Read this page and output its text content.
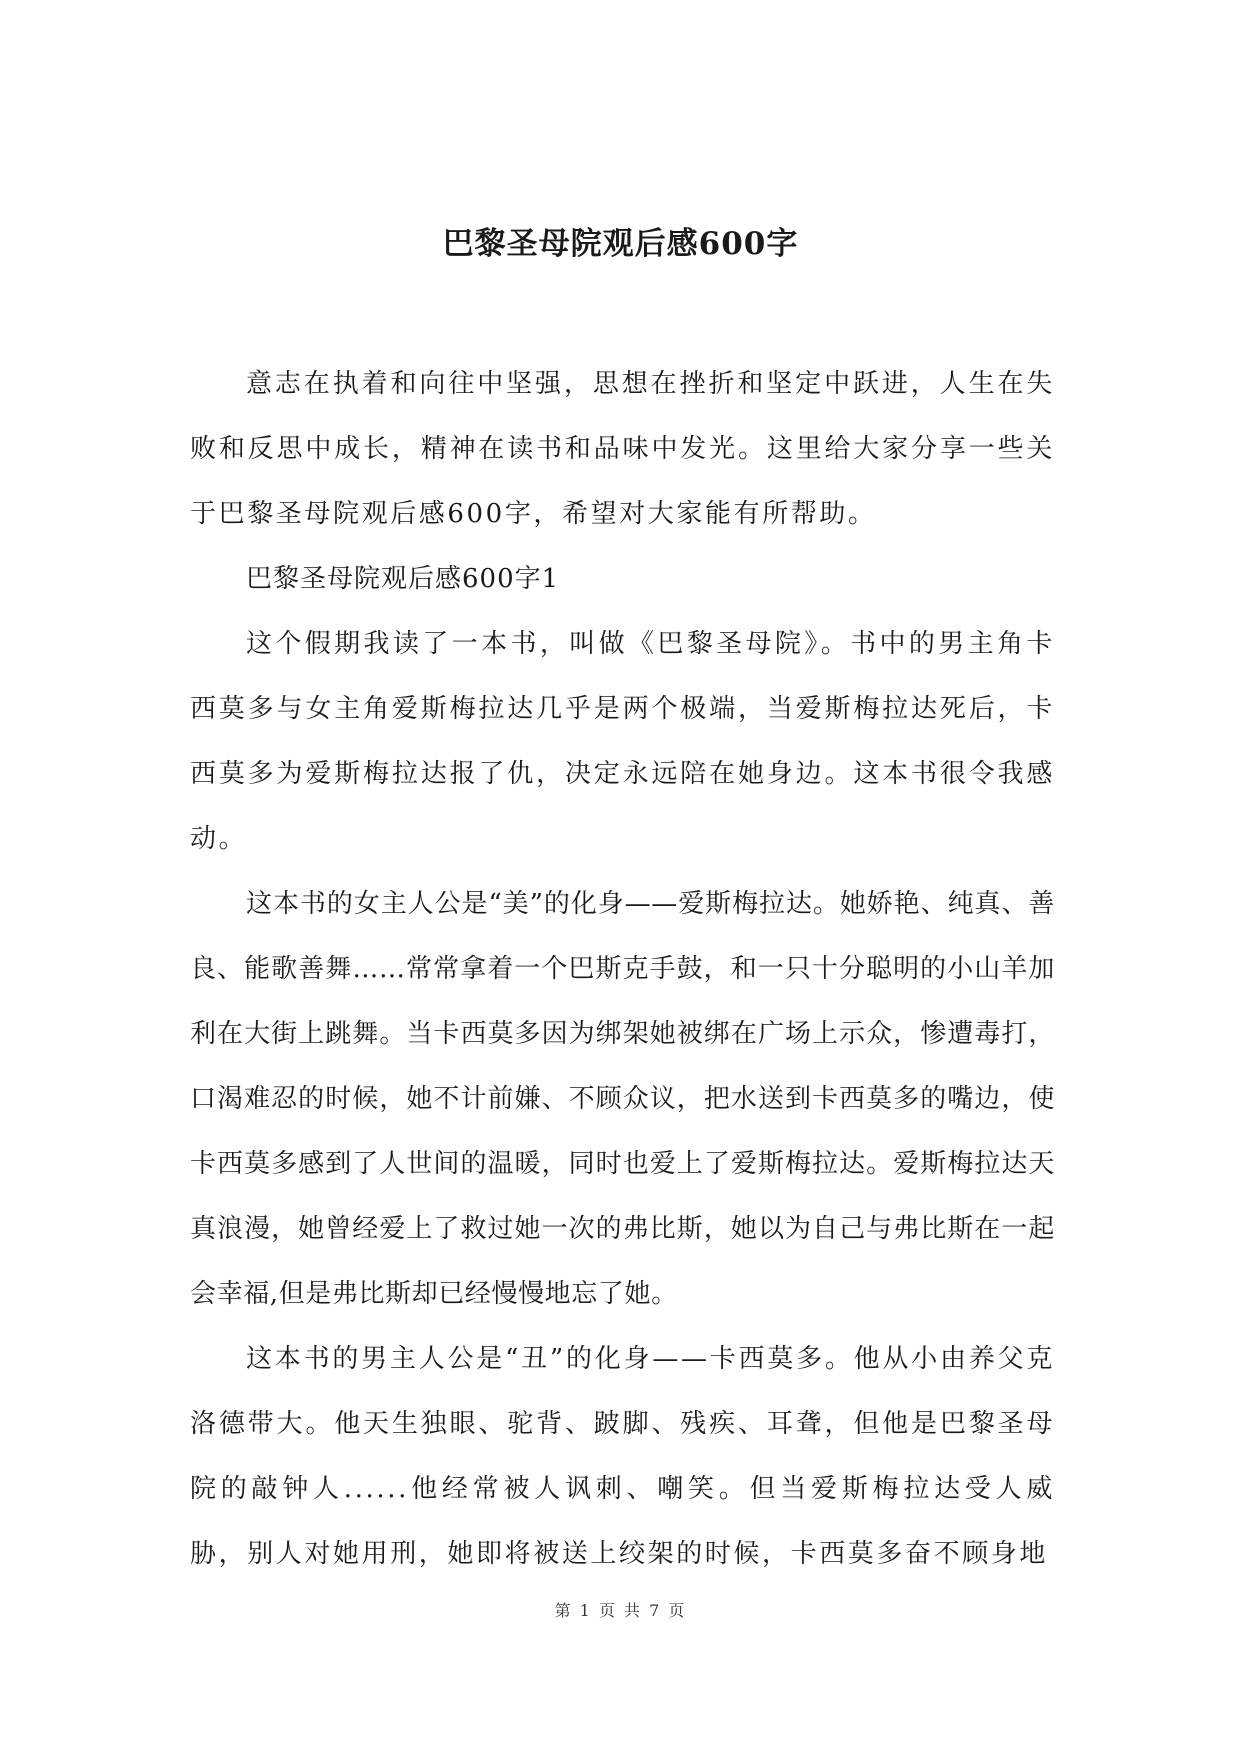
巴黎圣母院观后感600字

意志在执着和向往中坚强，思想在挫折和坚定中跃进，人生在失败和反思中成长，精神在读书和品味中发光。这里给大家分享一些关于巴黎圣母院观后感600字，希望对大家能有所帮助。

巴黎圣母院观后感600字1

这个假期我读了一本书，叫做《巴黎圣母院》。书中的男主角卡西莫多与女主角爱斯梅拉达几乎是两个极端，当爱斯梅拉达死后，卡西莫多为爱斯梅拉达报了仇，决定永远陪在她身边。这本书很令我感动。

这本书的女主人公是“美”的化身——爱斯梅拉达。她娇艳、纯真、善良、能歌善舞……常常拿着一个巴斯克手鼓，和一只十分聪明的小山羊加利在大街上跳舞。当卡西莫多因为绑架她被绑在广场上示众，惨遭毒打，口渴难忍的时候，她不计前嫌、不顾众议，把水送到卡西莫多的嘴边，使卡西莫多感到了人世间的温暖，同时也爱上了爱斯梅拉达。爱斯梅拉达天真浪漫，她曾经爱上了救过她一次的弗比斯，她以为自己与弗比斯在一起会幸福,但是弗比斯却已经慢慢地忘了她。

这本书的男主人公是“丑”的化身——卡西莫多。他从小由养父克洛德带大。他天生独眼、驼背、跛脚、残疾、耳聋，但他是巴黎圣母院的敲钟人......他经常被人讽刺、嘲笑。但当爱斯梅拉达受人威胁，别人对她用刑，她即将被送上绞架的时候，卡西莫多奋不顾身地

第 1 页 共 7 页
